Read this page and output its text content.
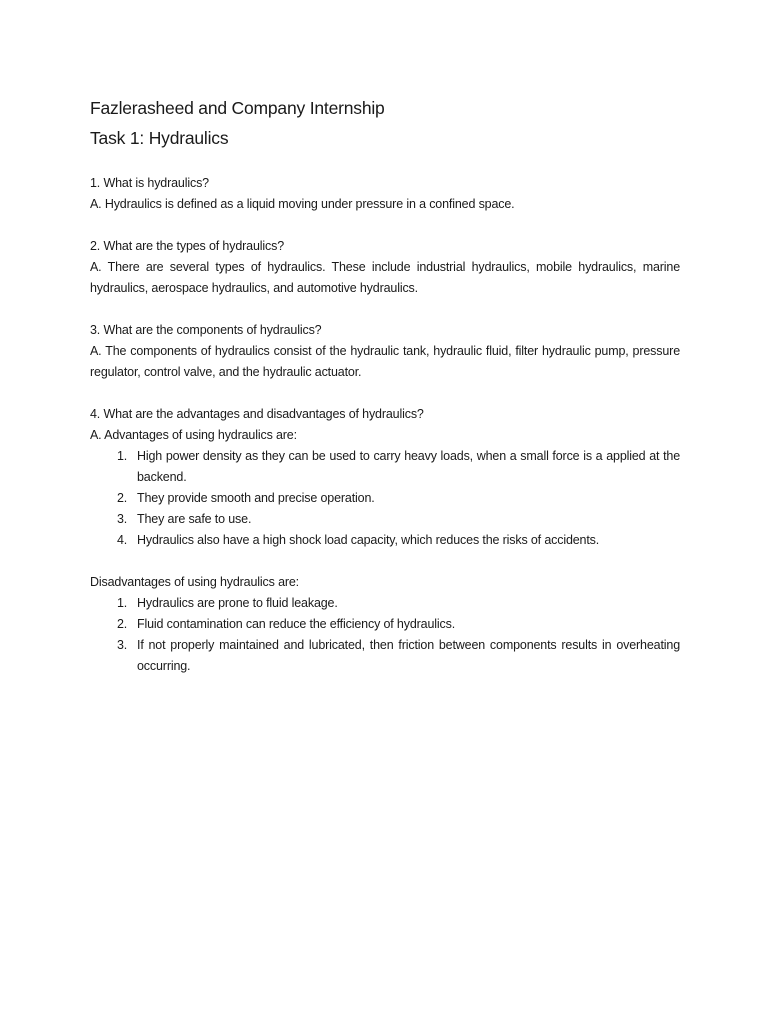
Fazlerasheed and Company Internship
Task 1: Hydraulics

1. What is hydraulics?

A. Hydraulics is defined as a liquid moving under pressure in a confined space.

2. What are the types of hydraulics?

A. There are several types of hydraulics. These include industrial hydraulics, mobile hydraulics, marine hydraulics, aerospace hydraulics, and automotive hydraulics.

3. What are the components of hydraulics?

A. The components of hydraulics consist of the hydraulic tank, hydraulic fluid, filter hydraulic pump, pressure regulator, control valve, and the hydraulic actuator.

4. What are the advantages and disadvantages of hydraulics?

A. Advantages of using hydraulics are:

1. High power density as they can be used to carry heavy loads, when a small force is a applied at the backend.
2. They provide smooth and precise operation.
3. They are safe to use.
4. Hydraulics also have a high shock load capacity, which reduces the risks of accidents.

Disadvantages of using hydraulics are:

1. Hydraulics are prone to fluid leakage.
2. Fluid contamination can reduce the efficiency of hydraulics.
3. If not properly maintained and lubricated, then friction between components results in overheating occurring.
